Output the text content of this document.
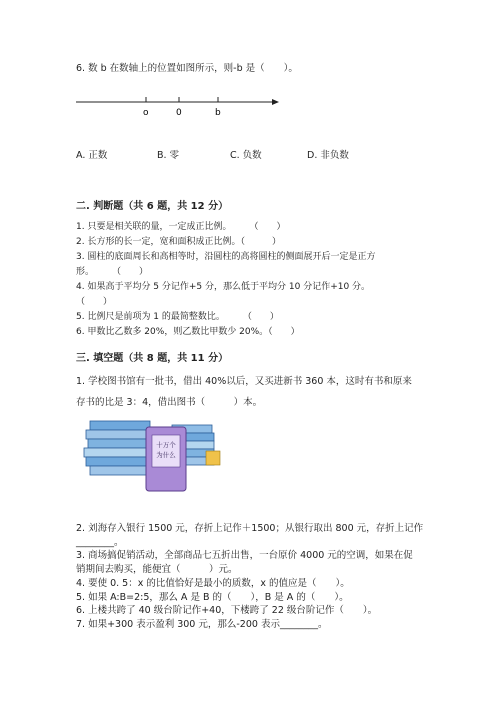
6. 数 b 在数轴上的位置如图所示，则-b 是（　　）。
o	0	b
A. 正数	B. 零	C. 负数	D. 非负数
二. 判断题（共 6 题，共 12 分）
1. 只要是相关联的量，一定成正比例。　　　（　　）
2. 长方形的长一定，宽和面积成正比例。（　　　）
3. 圆柱的底面周长和高相等时，沿圆柱的高将圆柱的侧面展开后一定是正方
形。　　　（　　）
4. 如果高于平均分 5 分记作+5 分，那么低于平均分 10 分记作+10 分。
（　　）
5. 比例尺是前项为 1 的最简整数比。　　　（　　）
6. 甲数比乙数多 20%，则乙数比甲数少 20%。（　　）
三. 填空题（共 8 题，共 11 分）
1. 学校图书馆有一批书，借出 40%以后，又买进新书 360 本，这时有书和原来
存书的比是 3：4，借出图书（　　　）本。
十万个
为什么
2. 刘海存入银行 1500 元，存折上记作＋1500；从银行取出 800 元，存折上记作
________。
3. 商场搞促销活动，全部商品七五折出售，一台原价 4000 元的空调，如果在促
销期间去购买，能便宜（　　　）元。
4. 要使 0. 5：x 的比值恰好是最小的质数，x 的值应是（　　）。
5. 如果 A:B=2:5，那么 A 是 B 的（　　），B 是 A 的（　　）。
6. 上楼共跨了 40 级台阶记作+40，下楼跨了 22 级台阶记作（　　）。
7. 如果+300 表示盈利 300 元，那么-200 表示________。
